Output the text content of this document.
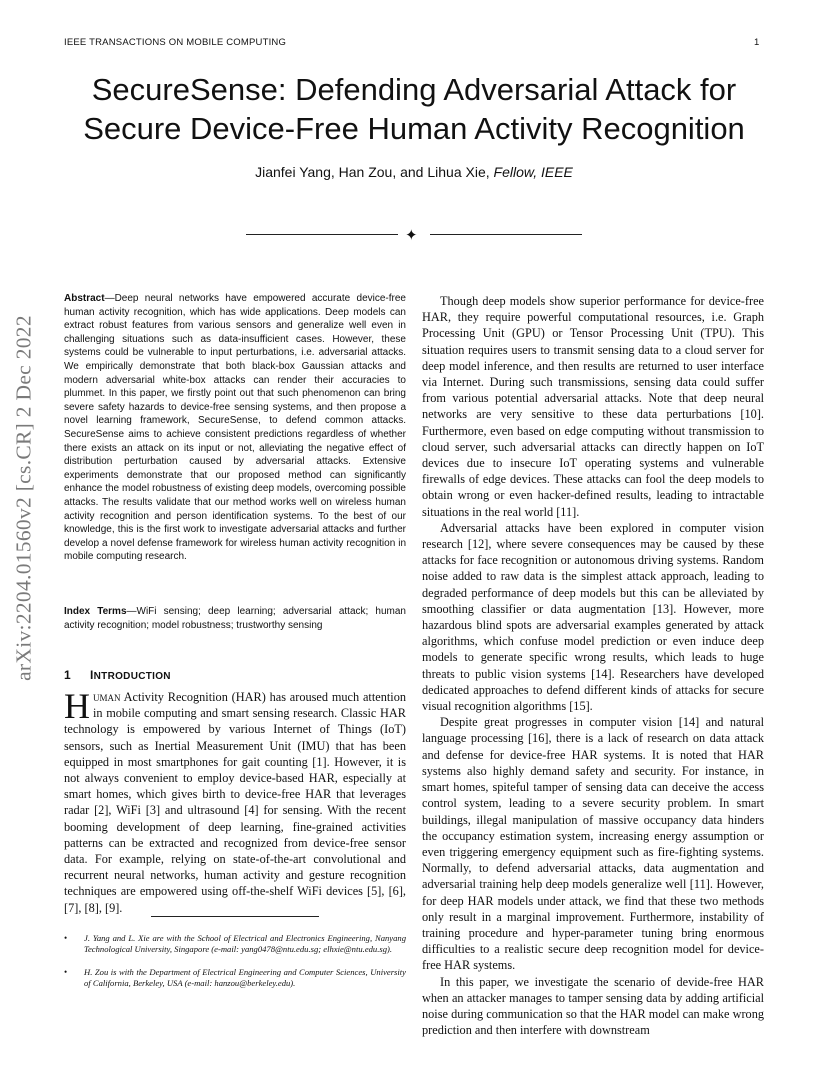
IEEE TRANSACTIONS ON MOBILE COMPUTING	1
SecureSense: Defending Adversarial Attack for
Secure Device-Free Human Activity Recognition
Jianfei Yang, Han Zou, and Lihua Xie, Fellow, IEEE
✦
arXiv:2204.01560v2 [cs.CR] 2 Dec 2022
Abstract—Deep neural networks have empowered accurate device-free human activity recognition, which has wide applications. Deep models can extract robust features from various sensors and generalize well even in challenging situations such as data-insufficient cases. However, these systems could be vulnerable to input perturbations, i.e. adversarial attacks. We empirically demonstrate that both black-box Gaussian attacks and modern adversarial white-box attacks can render their accuracies to plummet. In this paper, we firstly point out that such phenomenon can bring severe safety hazards to device-free sensing systems, and then propose a novel learning framework, SecureSense, to defend common attacks. SecureSense aims to achieve consistent predictions regardless of whether there exists an attack on its input or not, alleviating the negative effect of distribution perturbation caused by adversarial attacks. Extensive experiments demonstrate that our proposed method can significantly enhance the model robustness of existing deep models, overcoming possible attacks. The results validate that our method works well on wireless human activity recognition and person identification systems. To the best of our knowledge, this is the first work to investigate adversarial attacks and further develop a novel defense framework for wireless human activity recognition in mobile computing research.
Index Terms—WiFi sensing; deep learning; adversarial attack; human activity recognition; model robustness; trustworthy sensing
1 INTRODUCTION
Human Activity Recognition (HAR) has aroused much attention in mobile computing and smart sensing research. Classic HAR technology is empowered by various Internet of Things (IoT) sensors, such as Inertial Measurement Unit (IMU) that has been equipped in most smartphones for gait counting [1]. However, it is not always convenient to employ device-based HAR, especially at smart homes, which gives birth to device-free HAR that leverages radar [2], WiFi [3] and ultrasound [4] for sensing. With the recent booming development of deep learning, fine-grained activities patterns can be extracted and recognized from device-free sensor data. For example, relying on state-of-the-art convolutional and recurrent neural networks, human activity and gesture recognition techniques are empowered using off-the-shelf WiFi devices [5], [6], [7], [8], [9].
• J. Yang and L. Xie are with the School of Electrical and Electronics Engineering, Nanyang Technological University, Singapore (e-mail: yang0478@ntu.edu.sg; elhxie@ntu.edu.sg).
• H. Zou is with the Department of Electrical Engineering and Computer Sciences, University of California, Berkeley, USA (e-mail: hanzou@berkeley.edu).

Though deep models show superior performance for device-free HAR, they require powerful computational resources, i.e. Graph Processing Unit (GPU) or Tensor Processing Unit (TPU). This situation requires users to transmit sensing data to a cloud server for deep model inference, and then results are returned to user interface via Internet. During such transmissions, sensing data could suffer from various potential adversarial attacks. Note that deep neural networks are very sensitive to these data perturbations [10]. Furthermore, even based on edge computing without transmission to cloud server, such adversarial attacks can directly happen on IoT devices due to insecure IoT operating systems and vulnerable firewalls of edge devices. These attacks can fool the deep models to obtain wrong or even hacker-defined results, leading to intractable situations in the real world [11].

Adversarial attacks have been explored in computer vision research [12], where severe consequences may be caused by these attacks for face recognition or autonomous driving systems. Random noise added to raw data is the simplest attack approach, leading to degraded performance of deep models but this can be alleviated by smoothing classifier or data augmentation [13]. However, more hazardous blind spots are adversarial examples generated by attack algorithms, which confuse model prediction or even induce deep models to generate specific wrong results, which leads to huge threats to public vision systems [14]. Researchers have developed dedicated approaches to defend different kinds of attacks for secure visual recognition algorithms [15].

Despite great progresses in computer vision [14] and natural language processing [16], there is a lack of research on data attack and defense for device-free HAR systems. It is noted that HAR systems also highly demand safety and security. For instance, in smart homes, spiteful tamper of sensing data can deceive the access control system, leading to a severe security problem. In smart buildings, illegal manipulation of massive occupancy data hinders the occupancy estimation system, increasing energy assumption or even triggering emergency equipment such as fire-fighting systems. Normally, to defend adversarial attacks, data augmentation and adversarial training help deep models generalize well [11]. However, for deep HAR models under attack, we find that these two methods only result in a marginal improvement. Furthermore, instability of training procedure and hyper-parameter tuning bring enormous difficulties to a realistic secure deep recognition model for device-free HAR systems.

In this paper, we investigate the scenario of devide-free HAR when an attacker manages to tamper sensing data by adding artificial noise during communication so that the HAR model can make wrong prediction and then interfere with downstream
